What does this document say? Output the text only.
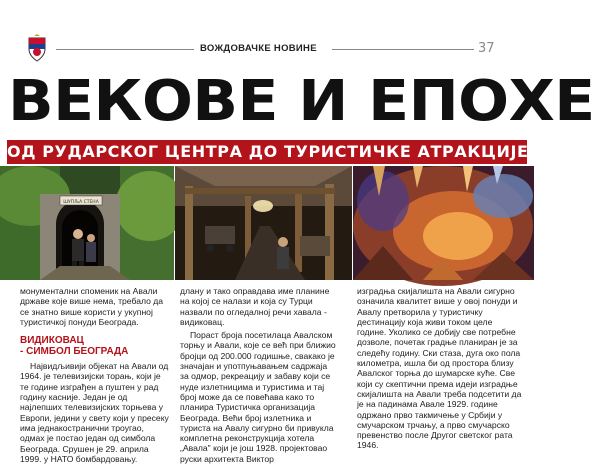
ВОЖДОВАЧКЕ НОВИНЕ	37
ВЕКОВЕ И ЕПОХЕ
ОД РУДАРСКОГ ЦЕНТРА ДО ТУРИСТИЧКЕ АТРАКЦИЈЕ
ШУПЉА СТЕНА

монументални споменик на Авали државе које више нема, требало да се знатно више користи у укупној туристичкој понуди Београда.

ВИДИКОВАЦ

- СИМБОЛ БЕОГРАДА

Највидљивији објекат на Авали од 1964. је телевизијски торањ, који је те године изграђен а пуштен у рад годину касније. Један је од најлепших телевизијских торњева у Европи, једини у свету који у пресеку има једнакостранични троугао, одмах је постао један од симбола Београда. Срушен је 29. априла 1999. у НАТО бомбардовању.

длану и тако оправдава име планине на којој се налази и која су Турци назвали по огледалној речи хавала - видиковац.

Пораст броја посетилаца Авалском торњу и Авали, које се већ при ближио бројци од 200.000 годишње, свакако је значајан и употпуњавањем садржаја за одмор, рекреацију и забаву који се нуде излетницима и туристима и тај број може да се повећава како то планира Туристичка организација Београда. Већи број излетника и туриста на Авалу сигурно би привукла комплетна реконструкција хотела „Авала" који је још 1928. пројектовао руски архитекта Виктор

изградња скијалишта на Авали сигурно означила квалитет више у овој понуди и Авалу претворила у туристичку дестинацију која живи током целе године. Уколико се добију све потребне дозволе, почетак градње планиран је за следећу годину. Ски стаза, дуга око пола километра, ишла би од простора близу Авалског торња до шумарске куће. Све који су скептични према идеји изградње скијалишта на Авали треба подсетити да је на падинама Авале 1929. године одржано прво такмичење у Србији у смучарском трчању, а прво смучарско превенство после Другог светског рата 1946.
